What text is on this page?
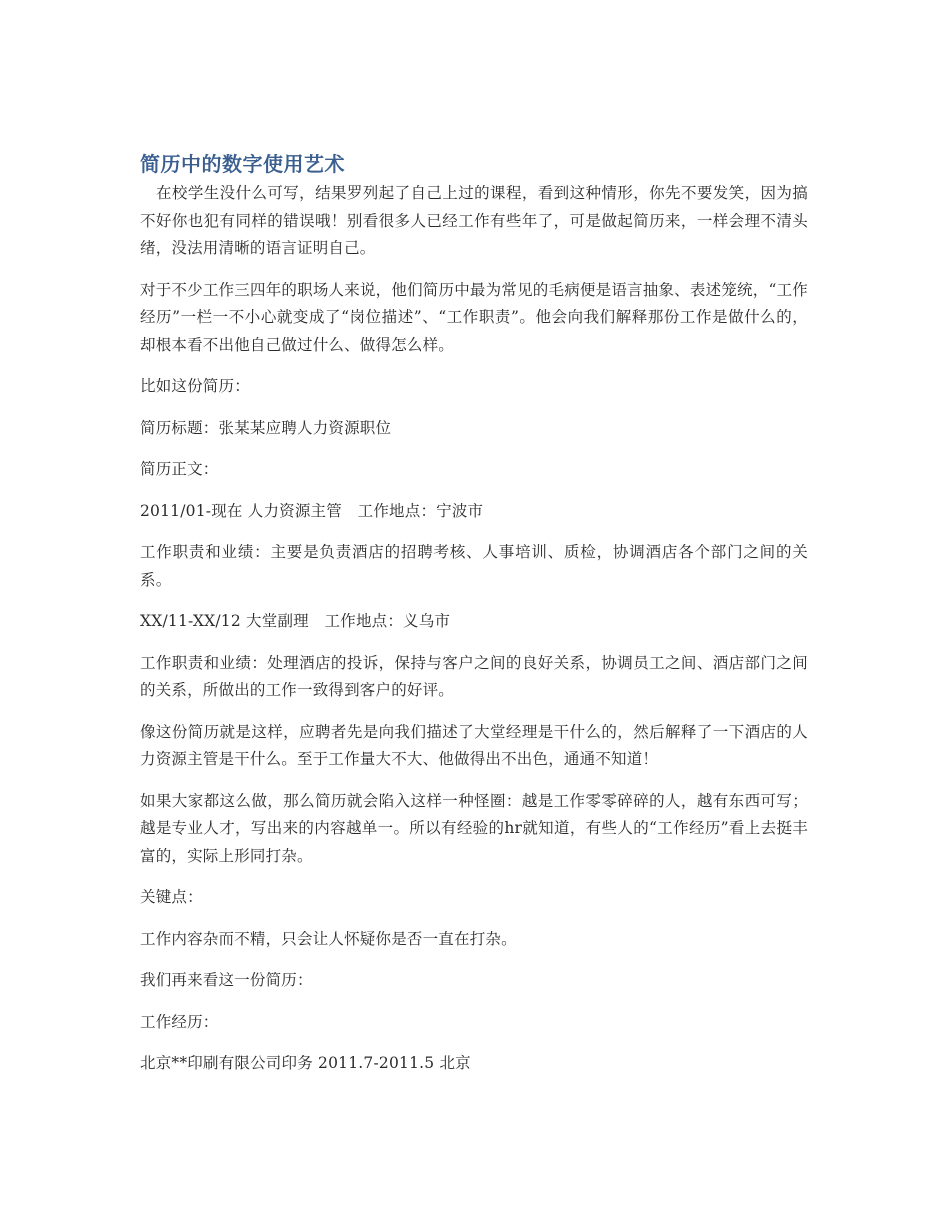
简历中的数字使用艺术

在校学生没什么可写，结果罗列起了自己上过的课程，看到这种情形，你先不要发笑，因为搞不好你也犯有同样的错误哦！别看很多人已经工作有些年了，可是做起简历来，一样会理不清头绪，没法用清晰的语言证明自己。

对于不少工作三四年的职场人来说，他们简历中最为常见的毛病便是语言抽象、表述笼统，“工作经历”一栏一不小心就变成了“岗位描述”、“工作职责”。他会向我们解释那份工作是做什么的，却根本看不出他自己做过什么、做得怎么样。

比如这份简历：

简历标题：张某某应聘人力资源职位

简历正文：

2011/01-现在 人力资源主管　工作地点：宁波市

工作职责和业绩：主要是负责酒店的招聘考核、人事培训、质检，协调酒店各个部门之间的关系。

XX/11-XX/12 大堂副理　工作地点：义乌市

工作职责和业绩：处理酒店的投诉，保持与客户之间的良好关系，协调员工之间、酒店部门之间的关系，所做出的工作一致得到客户的好评。

像这份简历就是这样，应聘者先是向我们描述了大堂经理是干什么的，然后解释了一下酒店的人力资源主管是干什么。至于工作量大不大、他做得出不出色，通通不知道！

如果大家都这么做，那么简历就会陷入这样一种怪圈：越是工作零零碎碎的人，越有东西可写；越是专业人才，写出来的内容越单一。所以有经验的hr就知道，有些人的“工作经历”看上去挺丰富的，实际上形同打杂。

关键点：

工作内容杂而不精，只会让人怀疑你是否一直在打杂。

我们再来看这一份简历：

工作经历：

北京**印刷有限公司印务 2011.7-2011.5 北京
